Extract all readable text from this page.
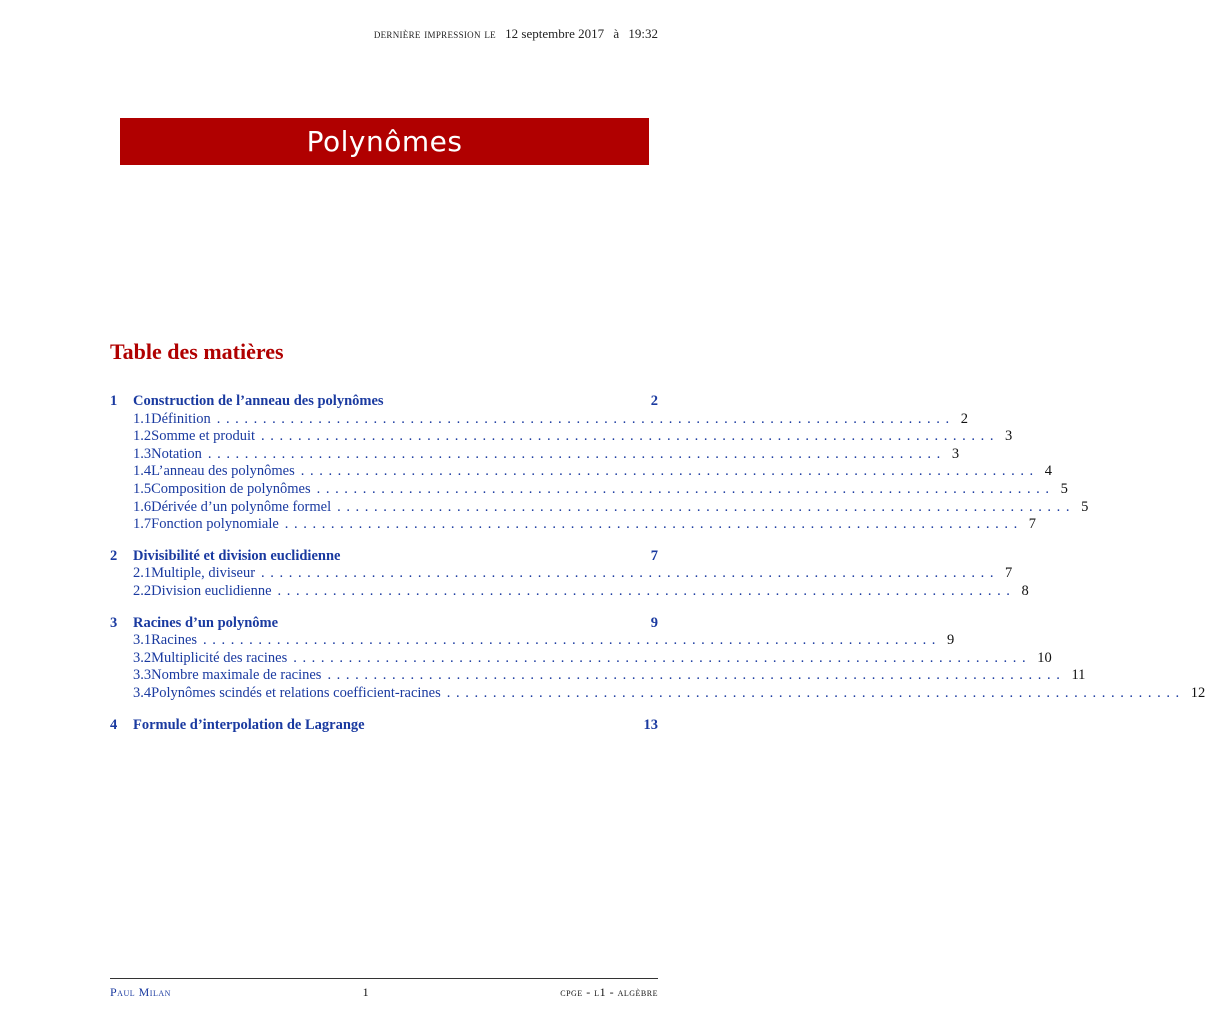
dernière impression le 12 septembre 2017 à 19:32
Polynômes
Table des matières
1	Construction de l’anneau des polynômes	2
1.1 Définition ................................................................................ 2
1.2 Somme et produit ................................................................................ 3
1.3 Notation ................................................................................ 3
1.4 L’anneau des polynômes ................................................................................ 4
1.5 Composition de polynômes ................................................................................ 5
1.6 Dérivée d’un polynôme formel ................................................................................ 5
1.7 Fonction polynomiale ................................................................................ 7
2	Divisibilité et division euclidienne	7
2.1 Multiple, diviseur ................................................................................ 7
2.2 Division euclidienne ................................................................................ 8
3	Racines d’un polynôme	9
3.1 Racines ................................................................................ 9
3.2 Multiplicité des racines ................................................................................ 10
3.3 Nombre maximale de racines ................................................................................ 11
3.4 Polynômes scindés et relations coefficient-racines ................................................................................ 12
4	Formule d’interpolation de Lagrange	13
Paul Milan	1	cpge - l1 - algèbre
